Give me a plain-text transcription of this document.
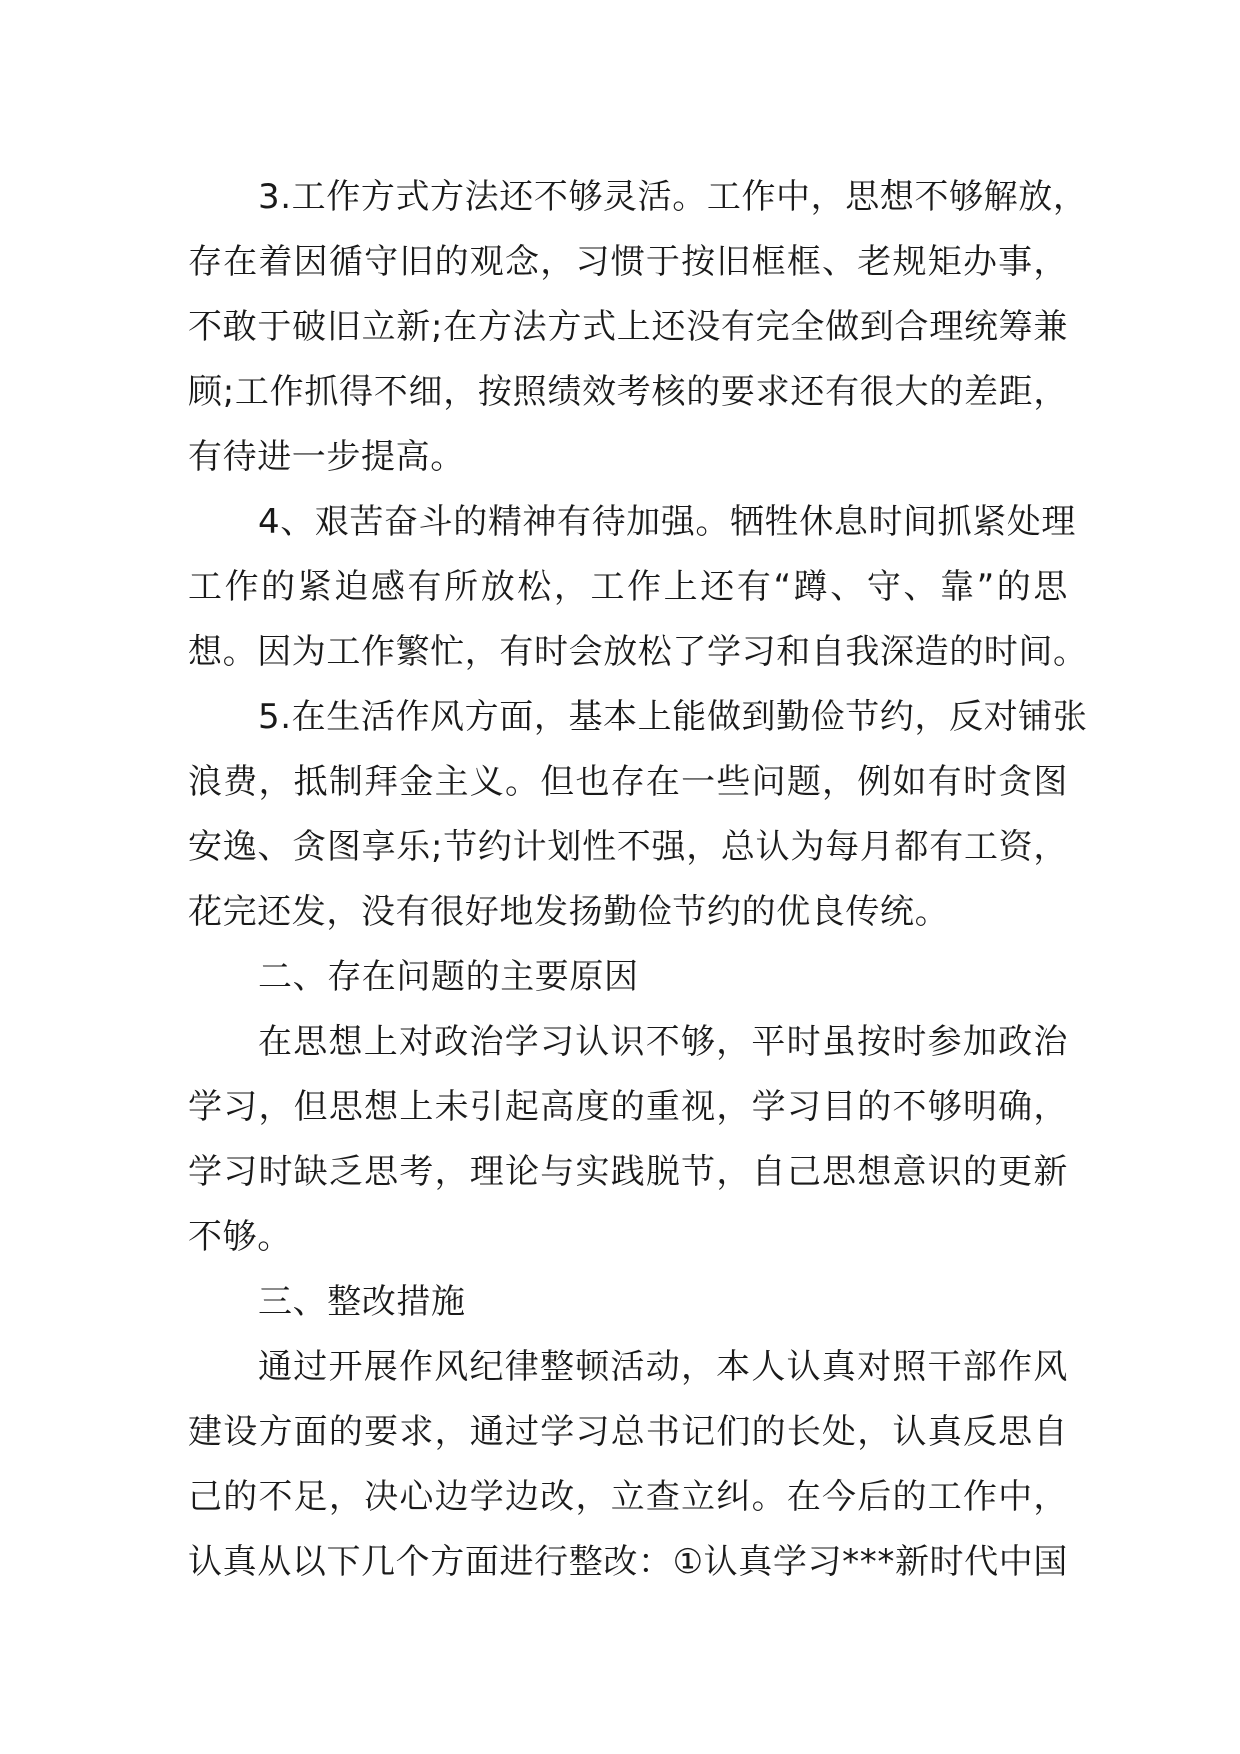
3.工作方式方法还不够灵活。工作中，思想不够解放，
存在着因循守旧的观念，习惯于按旧框框、老规矩办事，
不敢于破旧立新;在方法方式上还没有完全做到合理统筹兼
顾;工作抓得不细，按照绩效考核的要求还有很大的差距，
有待进一步提高。
4、艰苦奋斗的精神有待加强。牺牲休息时间抓紧处理
工作的紧迫感有所放松，工作上还有“蹲、守、靠”的思
想。因为工作繁忙，有时会放松了学习和自我深造的时间。
5.在生活作风方面，基本上能做到勤俭节约，反对铺张
浪费，抵制拜金主义。但也存在一些问题，例如有时贪图
安逸、贪图享乐;节约计划性不强，总认为每月都有工资，
花完还发，没有很好地发扬勤俭节约的优良传统。
二、存在问题的主要原因
在思想上对政治学习认识不够，平时虽按时参加政治
学习，但思想上未引起高度的重视，学习目的不够明确，
学习时缺乏思考，理论与实践脱节，自己思想意识的更新
不够。
三、整改措施
通过开展作风纪律整顿活动，本人认真对照干部作风
建设方面的要求，通过学习总书记们的长处，认真反思自
己的不足，决心边学边改，立查立纠。在今后的工作中，
认真从以下几个方面进行整改：①认真学习***新时代中国
